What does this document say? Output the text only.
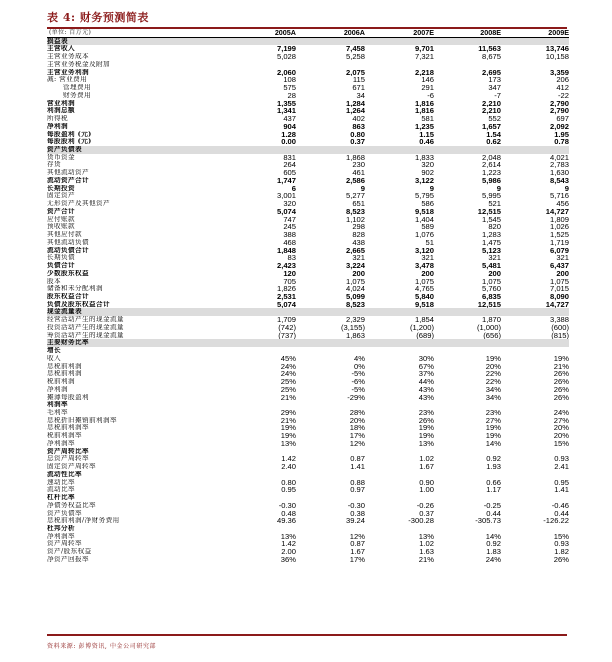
表 4: 财务预测简表
(单位: 百万元)	2005A	2006A	2007E	2008E	2009E
损益表					
主营收入	7,199	7,458	9,701	11,563	13,746
主营业务成本	5,028	5,258	7,321	8,675	10,158
主营业务税金及附加					
主营业务利润	2,060	2,075	2,218	2,695	3,359
减: 营业费用	108	115	146	173	206
管理费用	575	671	291	347	412
财务费用	28	34	-6	-7	-22
营业利润	1,355	1,284	1,816	2,210	2,790
利润总额	1,341	1,264	1,816	2,210	2,790
所得税	437	402	581	552	697
净利润	904	863	1,235	1,657	2,092
每股盈利 (元)	1.28	0.80	1.15	1.54	1.95
每股股利 (元)	0.00	0.37	0.46	0.62	0.78
资产负债表					
货币资金	831	1,868	1,833	2,048	4,021
存货	264	230	320	2,614	2,783
其他流动资产	605	461	902	1,223	1,630
流动资产合计	1,747	2,586	3,122	5,986	8,543
长期投资	6	9	9	9	9
固定资产	3,001	5,277	5,795	5,995	5,716
无形资产及其他资产	320	651	586	521	456
资产合计	5,074	8,523	9,518	12,515	14,727
应付账款	747	1,102	1,404	1,545	1,809
预收账款	245	298	589	820	1,026
其他应付款	388	828	1,076	1,283	1,525
其他流动负债	468	438	51	1,475	1,719
流动负债合计	1,848	2,665	3,120	5,123	6,079
长期负债	83	321	321	321	321
负债合计	2,423	3,224	3,478	5,481	6,437
少数股东权益	120	200	200	200	200
股本	705	1,075	1,075	1,075	1,075
储备和未分配利润	1,826	4,024	4,765	5,760	7,015
股东权益合计	2,531	5,099	5,840	6,835	8,090
负债及股东权益合计	5,074	8,523	9,518	12,515	14,727
现金流量表					
经营活动产生的现金流量	1,709	2,329	1,854	1,870	3,388
投资活动产生的现金流量	(742)	(3,155)	(1,200)	(1,000)	(600)
筹资活动产生的现金流量	(737)	1,863	(689)	(656)	(815)
主要财务比率					
增长					
收入	45%	4%	30%	19%	19%
息税前利润	24%	0%	67%	20%	21%
息税前利润	24%	-5%	37%	22%	26%
税前利润	25%	-6%	44%	22%	26%
净利润	25%	-5%	43%	34%	26%
摊薄每股盈利	21%	-29%	43%	34%	26%
利润率					
毛利率	29%	28%	23%	23%	24%
息税折旧摊销前利润率	21%	20%	26%	27%	27%
息税前利润率	19%	18%	19%	19%	20%
税前利润率	19%	17%	19%	19%	20%
净利润率	13%	12%	13%	14%	15%
资产周转比率					
总资产周转率	1.42	0.87	1.02	0.92	0.93
固定资产周转率	2.40	1.41	1.67	1.93	2.41
流动性比率					
速动比率	0.80	0.88	0.90	0.66	0.95
流动比率	0.95	0.97	1.00	1.17	1.41
杠杆比率					
净债务权益比率	-0.30	-0.30	-0.26	-0.25	-0.46
资产负债率	0.48	0.38	0.37	0.44	0.44
息税前利润/净财务费用	49.36	39.24	-300.28	-305.73	-126.22
杜邦分析					
净利润率	13%	12%	13%	14%	15%
资产周转率	1.42	0.87	1.02	0.92	0.93
资产/股东权益	2.00	1.67	1.63	1.83	1.82
净资产回报率	36%	17%	21%	24%	26%
资料来源: 彭博资讯, 中金公司研究部
